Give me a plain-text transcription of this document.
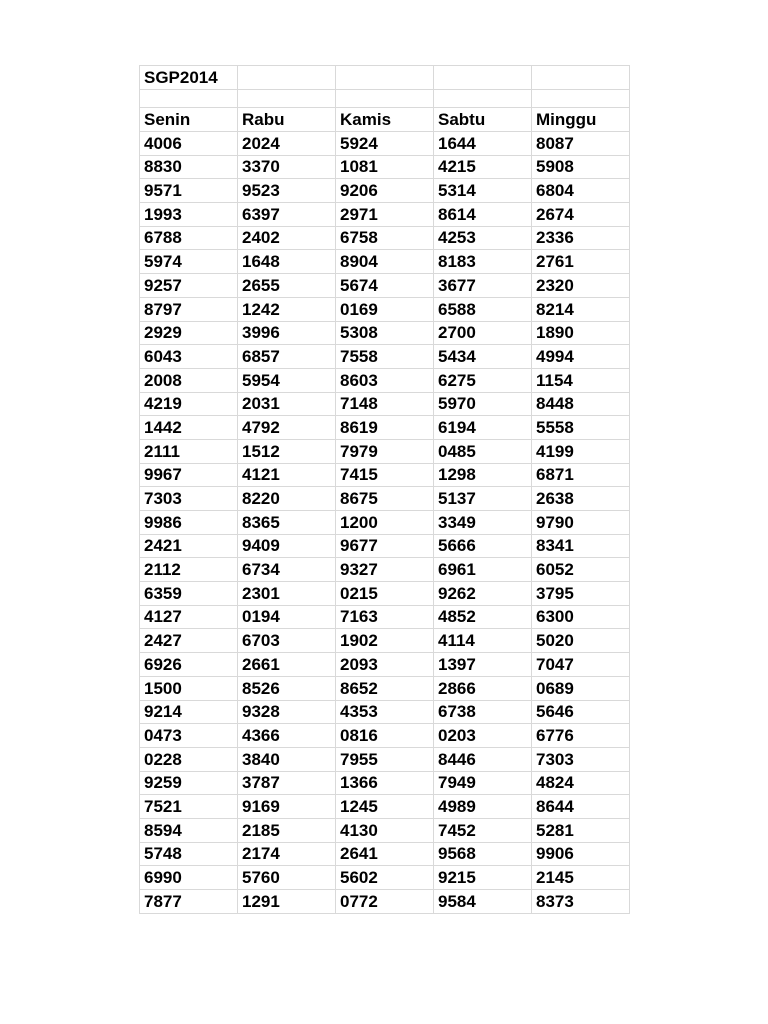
SGP2014				

Senin	Rabu	Kamis	Sabtu	Minggu
4006	2024	5924	1644	8087
8830	3370	1081	4215	5908
9571	9523	9206	5314	6804
1993	6397	2971	8614	2674
6788	2402	6758	4253	2336
5974	1648	8904	8183	2761
9257	2655	5674	3677	2320
8797	1242	0169	6588	8214
2929	3996	5308	2700	1890
6043	6857	7558	5434	4994
2008	5954	8603	6275	1154
4219	2031	7148	5970	8448
1442	4792	8619	6194	5558
2111	1512	7979	0485	4199
9967	4121	7415	1298	6871
7303	8220	8675	5137	2638
9986	8365	1200	3349	9790
2421	9409	9677	5666	8341
2112	6734	9327	6961	6052
6359	2301	0215	9262	3795
4127	0194	7163	4852	6300
2427	6703	1902	4114	5020
6926	2661	2093	1397	7047
1500	8526	8652	2866	0689
9214	9328	4353	6738	5646
0473	4366	0816	0203	6776
0228	3840	7955	8446	7303
9259	3787	1366	7949	4824
7521	9169	1245	4989	8644
8594	2185	4130	7452	5281
5748	2174	2641	9568	9906
6990	5760	5602	9215	2145
7877	1291	0772	9584	8373
